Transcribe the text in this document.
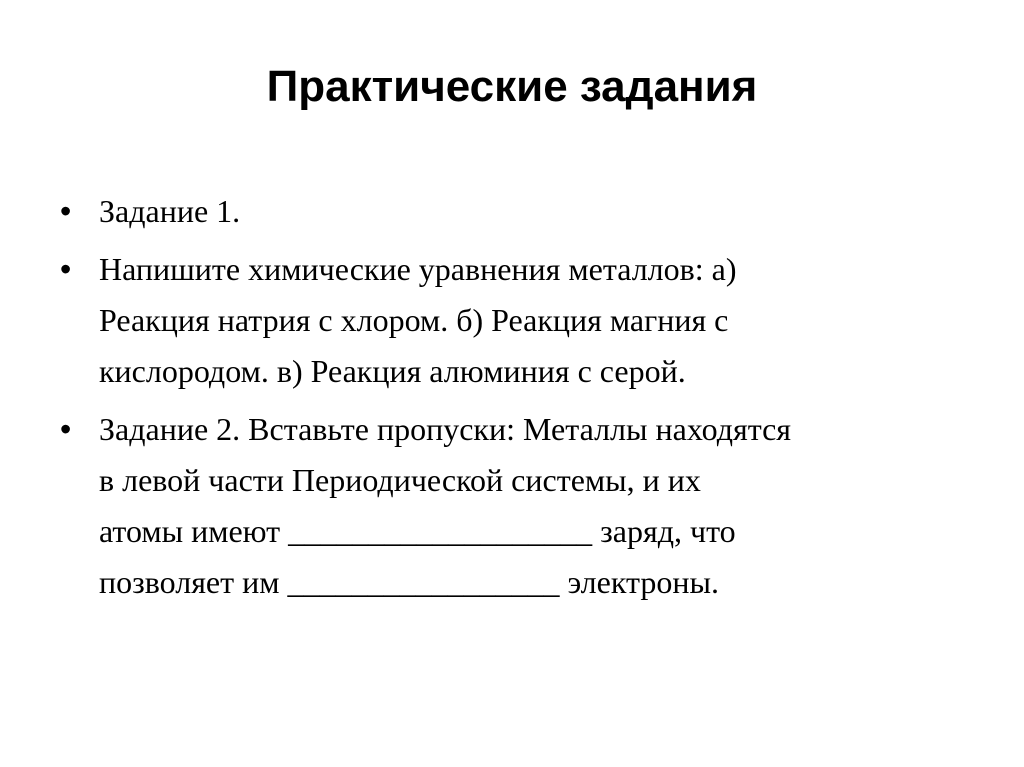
Практические задания
• Задание 1.
• Напишите химические уравнения металлов: а)
Реакция натрия с хлором. б) Реакция магния с
кислородом. в) Реакция алюминия с серой.
• Задание 2. Вставьте пропуски: Металлы находятся
в левой части Периодической системы, и их
атомы имеют ___________________ заряд, что
позволяет им _________________ электроны.
